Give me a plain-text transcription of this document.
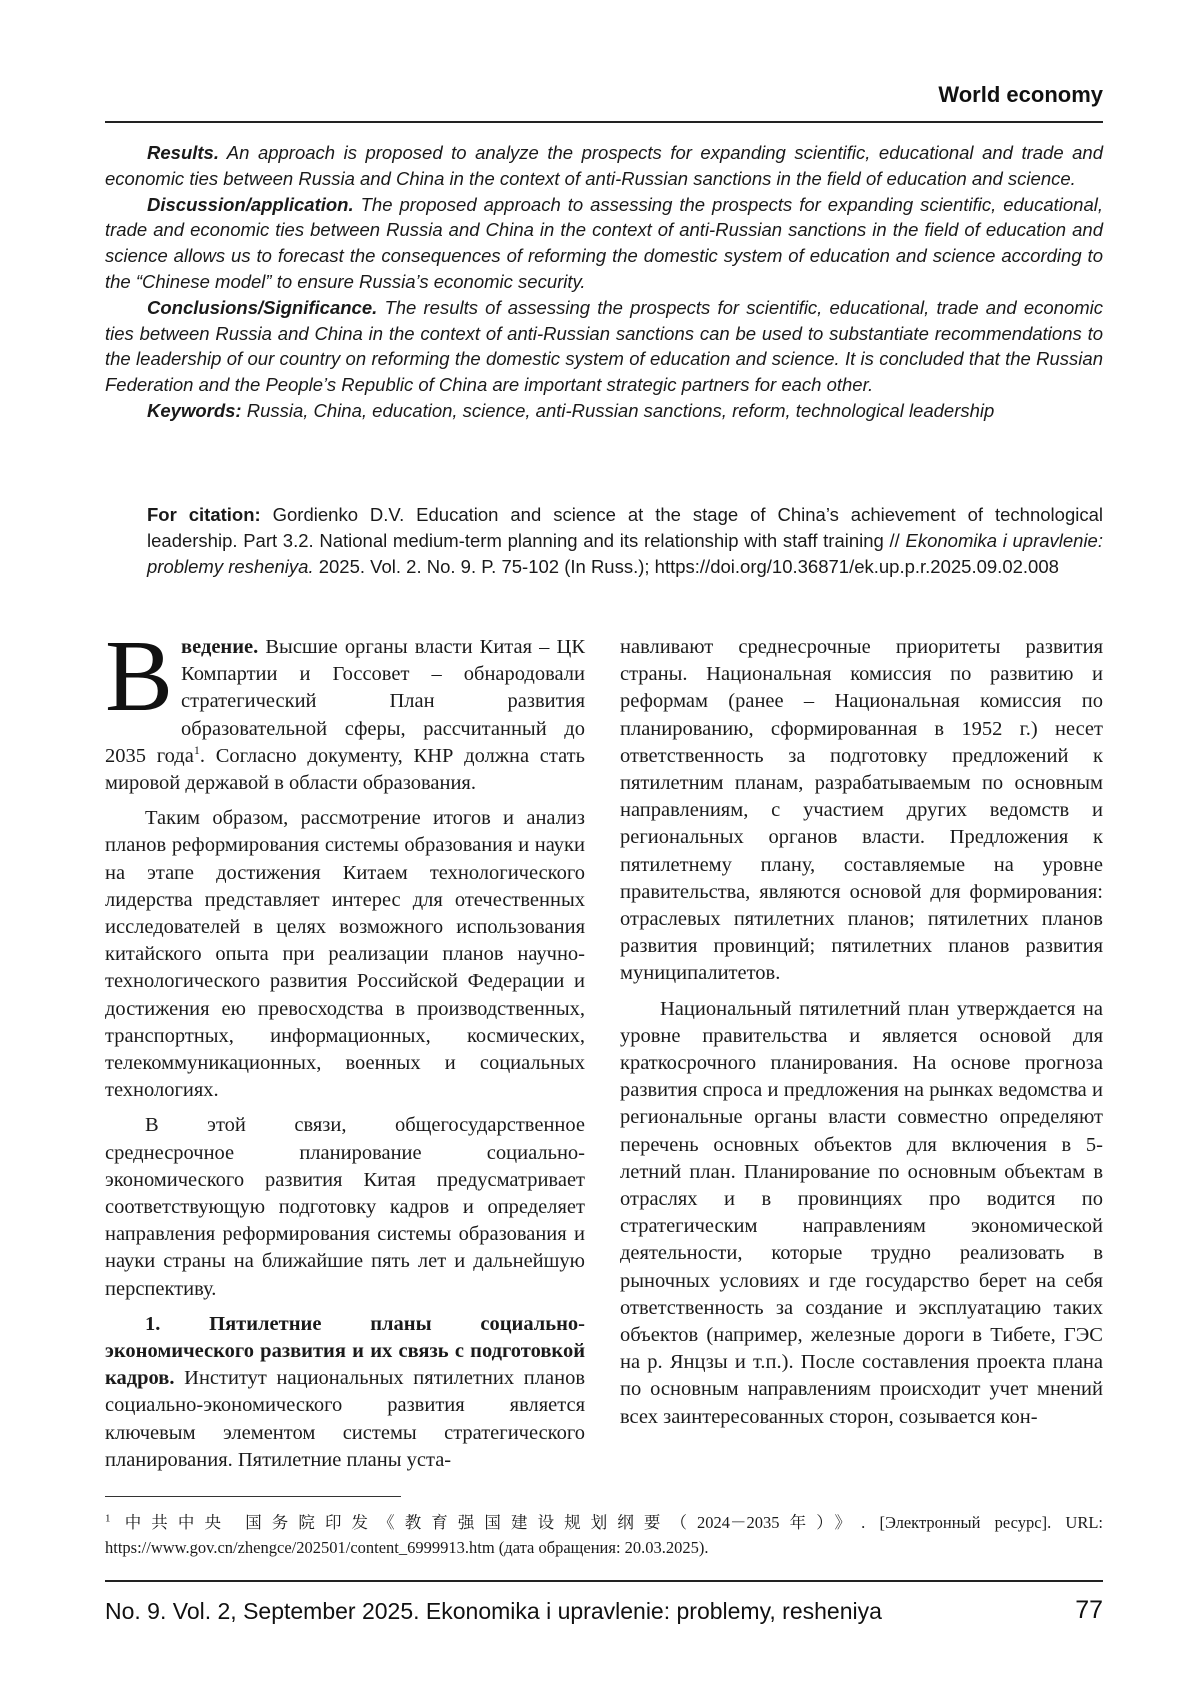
World economy

Results. An approach is proposed to analyze the prospects for expanding scientific, educational and trade and economic ties between Russia and China in the context of anti-Russian sanctions in the field of education and science.

Discussion/application. The proposed approach to assessing the prospects for expanding scientific, educational, trade and economic ties between Russia and China in the context of anti-Russian sanctions in the field of education and science allows us to forecast the consequences of reforming the domestic system of education and science according to the “Chinese model” to ensure Russia’s economic security.

Conclusions/Significance. The results of assessing the prospects for scientific, educational, trade and economic ties between Russia and China in the context of anti-Russian sanctions can be used to substantiate recommendations to the leadership of our country on reforming the domestic system of education and science. It is concluded that the Russian Federation and the People’s Republic of China are important strategic partners for each other.

Keywords: Russia, China, education, science, anti-Russian sanctions, reform, technological leadership

For citation: Gordienko D.V. Education and science at the stage of China’s achievement of technological leadership. Part 3.2. National medium-term planning and its relationship with staff training // Ekonomika i upravlenie: problemy resheniya. 2025. Vol. 2. No. 9. P. 75-102 (In Russ.); https://doi.org/10.36871/ek.up.p.r.2025.09.02.008

Введение. Высшие органы власти Китая – ЦК Компартии и Госсовет – обнародовали стратегический План развития образовательной сферы, рассчитанный до 2035 года$^1$. Согласно документу, КНР должна стать мировой державой в области образования.

Таким образом, рассмотрение итогов и анализ планов реформирования системы образования и науки на этапе достижения Китаем технологического лидерства представляет интерес для отечественных исследователей в целях возможного использования китайского опыта при реализации планов научно-технологического развития Российской Федерации и достижения ею превосходства в производственных, транспортных, информационных, космических, телекоммуникационных, военных и социальных технологиях.

В этой связи, общегосударственное среднесрочное планирование социально-экономического развития Китая предусматривает соответствующую подготовку кадров и определяет направления реформирования системы образования и науки страны на ближайшие пять лет и дальнейшую перспективу.

1. Пятилетние планы социально-экономического развития и их связь с подготовкой кадров. Институт национальных пятилетних планов социально-экономического развития является ключевым элементом системы стратегического планирования. Пятилетние планы уста-

навливают среднесрочные приоритеты развития страны. Национальная комиссия по развитию и реформам (ранее – Национальная комиссия по планированию, сформированная в 1952 г.) несет ответственность за подготовку предложений к пятилетним планам, разрабатываемым по основным направлениям, с участием других ведомств и региональных органов власти. Предложения к пятилетнему плану, составляемые на уровне правительства, являются основой для формирования: отраслевых пятилетних планов; пятилетних планов развития провинций; пятилетних планов развития муниципалитетов.

Национальный пятилетний план утверждается на уровне правительства и является основой для краткосрочного планирования. На основе прогноза развития спроса и предложения на рынках ведомства и региональные органы власти совместно определяют перечень основных объектов для включения в 5-летний план. Планирование по основным объектам в отраслях и в провинциях про водится по стратегическим направлениям экономической деятельности, которые трудно реализовать в рыночных условиях и где государство берет на себя ответственность за создание и эксплуатацию таких объектов (например, железные дороги в Тибете, ГЭС на р. Янцзы и т.п.). После составления проекта плана по основным направлениям происходит учет мнений всех заинтересованных сторон, созывается кон-

$^1$ 中共中央 国务院印发《教育强国建设规划纲要（2024－2035年）》. [Электронный ресурс]. URL: https://www.gov.cn/zhengce/202501/content_6999913.htm (дата обращения: 20.03.2025).
No. 9. Vol. 2, September 2025. Ekonomika i upravlenie: problemy, resheniya	77
